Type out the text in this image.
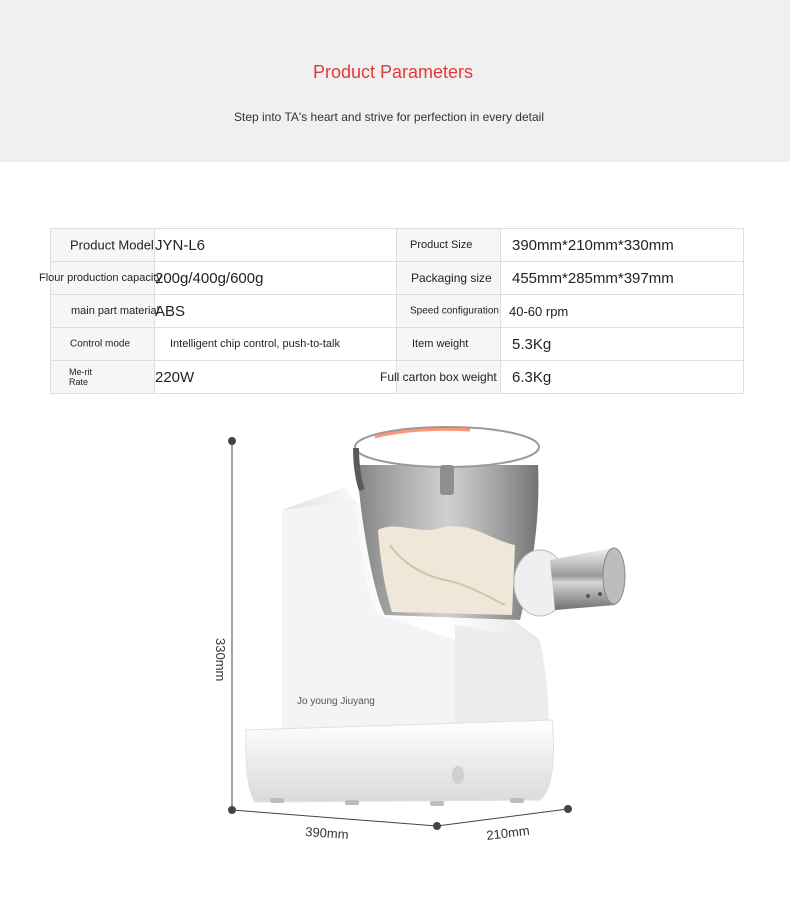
Product Parameters
Step into TA's heart and strive for perfection in every detail
Product Model	JYN-L6	Product Size	390mm*210mm*330mm

Flour production capacity	200g/400g/600g	Packaging size	455mm*285mm*397mm

main part material	ABS	Speed configuration	40-60 rpm

Control mode	Intelligent chip control, push-to-talk	Item weight	5.3Kg

Me-rit Rate	220W	Full carton box weight	6.3Kg
Jo young Jiuyang
330mm
390mm	210mm
